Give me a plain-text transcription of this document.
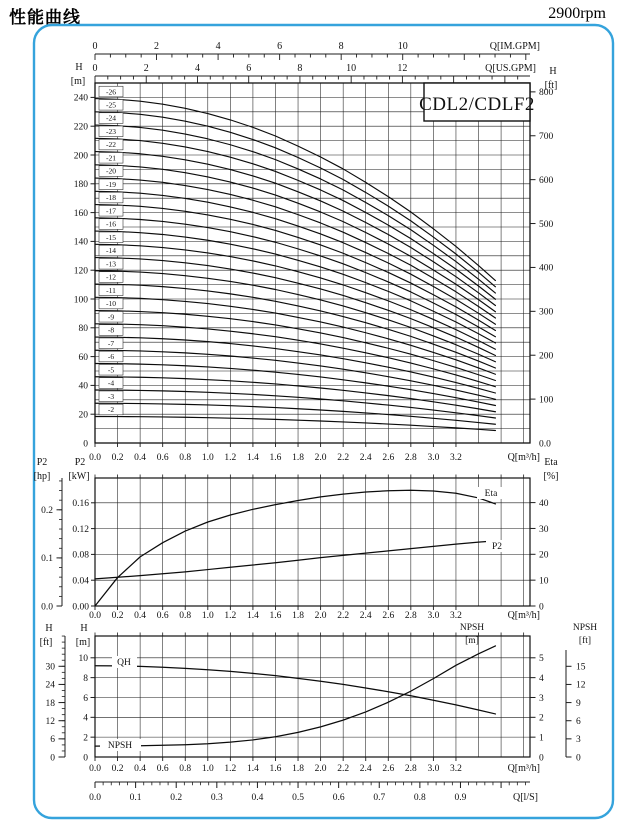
性能曲线	2900rpm
0	2	4	6	8	10	Q[IM.GPM]
0	2	4	6	8	10	12	Q[US.GPM]
H
[m]
H
[ft]
20
40
60
80
100
120
140
160
180
200
220
240
0
800
700
600
500
400
300
200
100
0.0
0.0 0.2 0.4 0.6 0.8 1.0 1.2 1.4 1.6 1.8 2.0 2.2 2.4 2.6 2.8 3.0 3.2	Q[m³/h]
-2
-3
-4
-5
-6
-7
-8
-9
-10
-11
-12
-13
-14
-15
-16
-17
-18
-19
-20
-21
-22
-23
-24
-25
-26
CDL2/CDLF2
P2
[hp]
P2
[kW]
Eta
[%]
0.00
0.04
0.08
0.12
0.16
0.0
0.1
0.2
0
10
20
30
40
Eta
P2
0.0 0.2 0.4 0.6 0.8 1.0 1.2 1.4 1.6 1.8 2.0 2.2 2.4 2.6 2.8 3.0 3.2	Q[m³/h]
H
[ft]
H
[m]
NPSH
[m]
NPSH
[ft]
0
2
4
6
8
10
0
6
12
18
24
30
0
1
2
3
4
5
0
3
6
9
12
15
QH
NPSH
0.0 0.2 0.4 0.6 0.8 1.0 1.2 1.4 1.6 1.8 2.0 2.2 2.4 2.6 2.8 3.0 3.2	Q[m³/h]
0.0	0.1	0.2	0.3	0.4	0.5	0.6	0.7	0.8	0.9	Q[l/S]
